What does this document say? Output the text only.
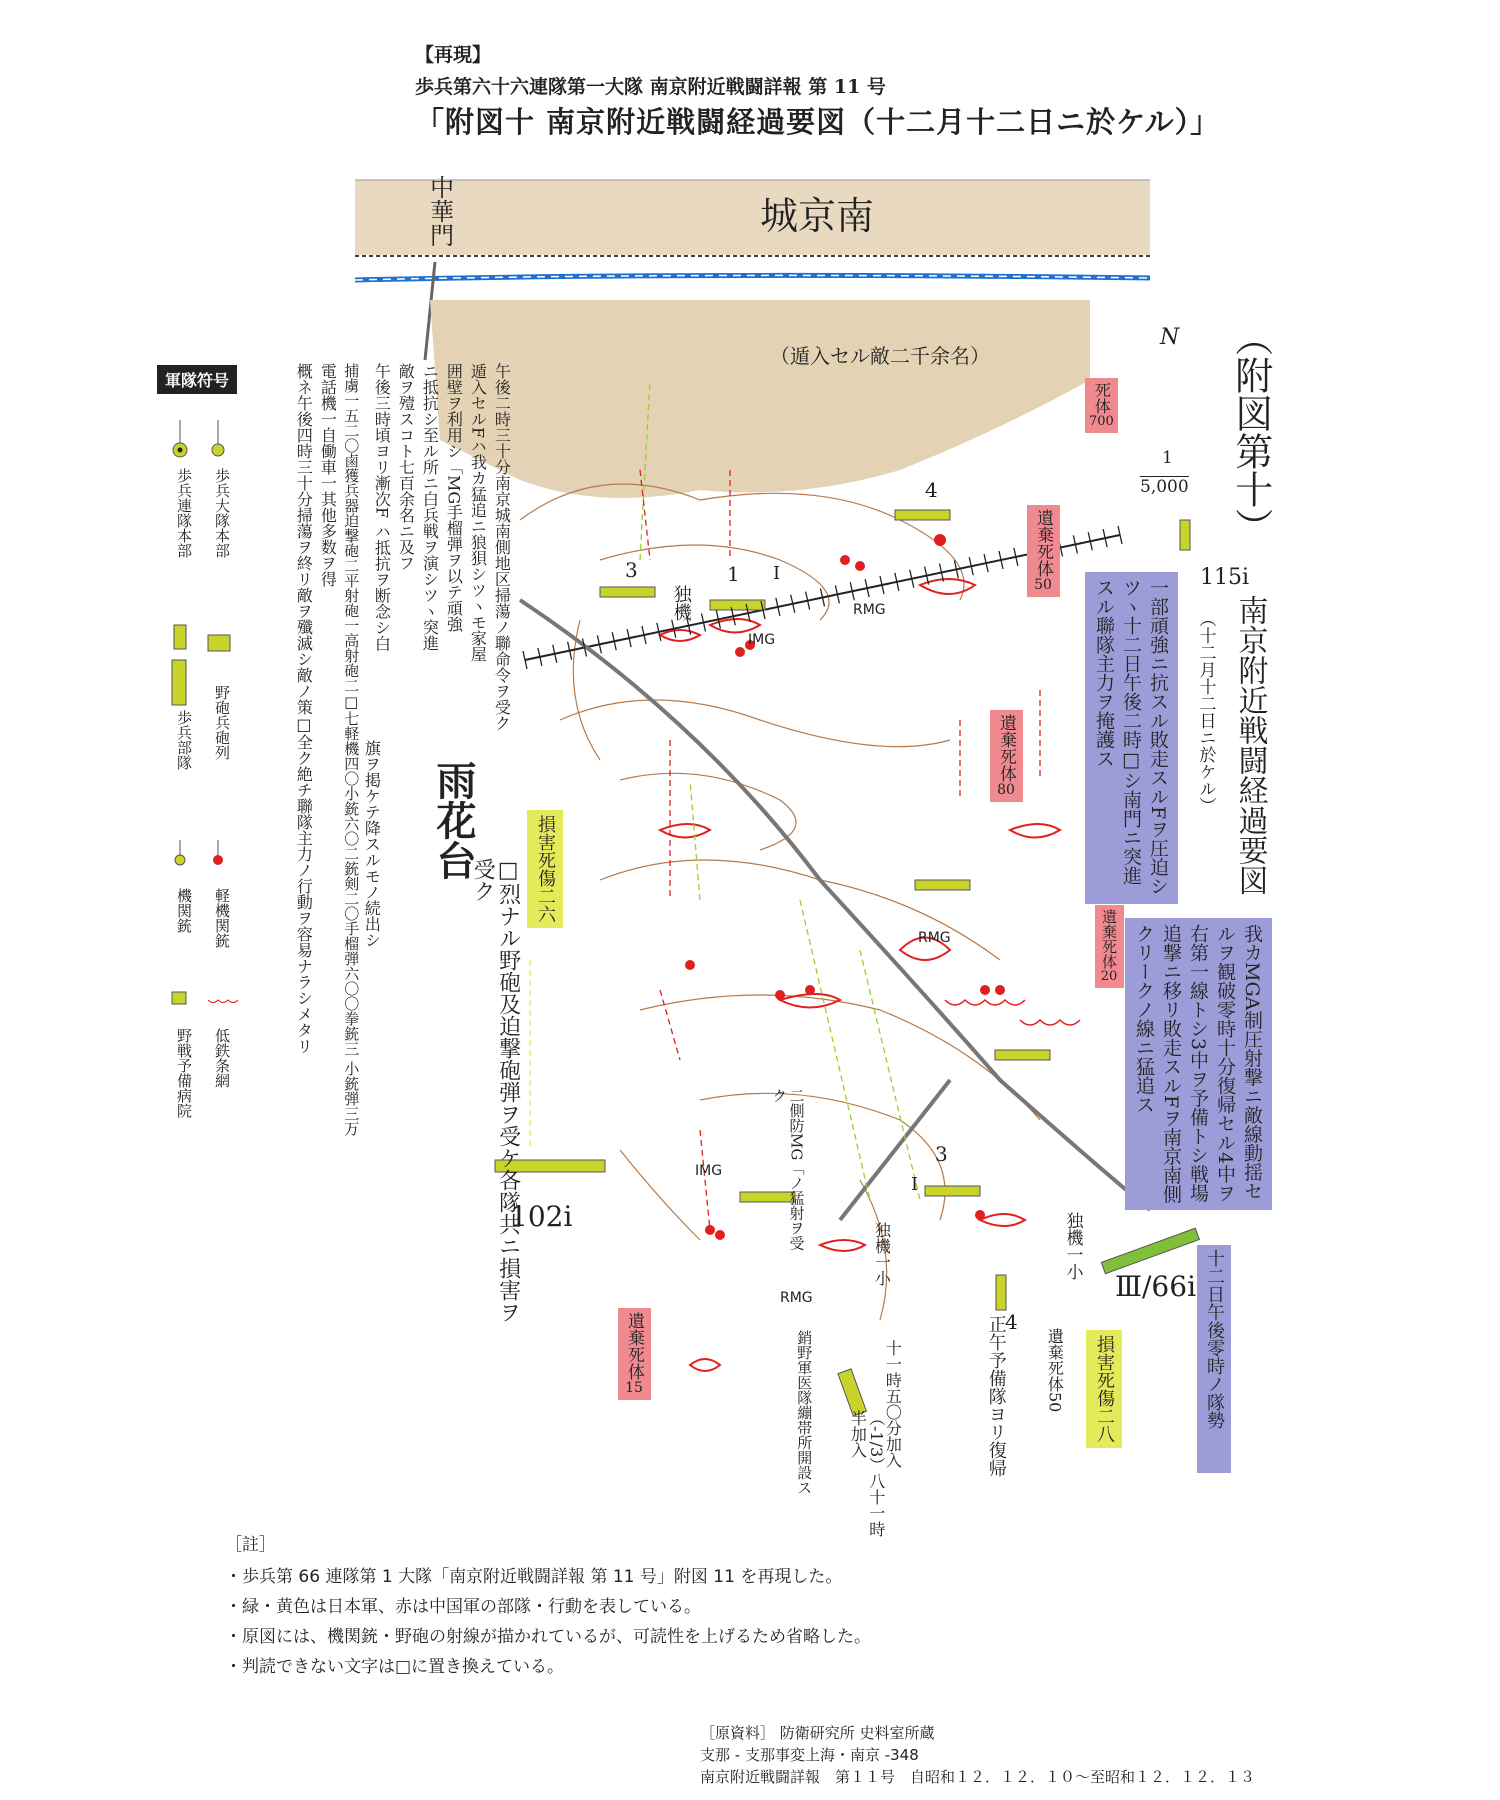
【再現】
歩兵第六十六連隊第一大隊 南京附近戦闘詳報 第 11 号
「附図十 南京附近戦闘経過要図（十二月十二日ニ於ケル）」
中華門	城京南
（遁入セル敵二千余名）
N
1
5,000 （附図第十）
南京附近戦闘経過要図
（十二月十二日ニ於ケル）
雨花台
死体700
遺棄死体50
遺棄死体80
遺棄死体20
遺棄死体15
損害死傷二六
損害死傷二八
一部頑強ニ抗スル敗走スルFヲ圧迫シツヽ十二日午後二時□シ南門ニ突進スル聯隊主力ヲ掩護ス
我カMGA制圧射撃ニ敵線動揺セルヲ観破零時十分復帰セル4中ヲ右第一線トシ3中ヲ予備トシ戦場追撃ニ移リ敗走スルFヲ南京南側クリークノ線ニ猛追ス
十二日午後零時ノ隊勢
115i
102i
Ⅲ/66i
3	1
4
3
4
Ⅰ
Ⅰ
独機
IMG
RMG
RMG
IMG
RMG
独機一小	独機一小
午後二時三十分南京城南側地区掃蕩ノ聯命令ヲ受ク
遁入セルFハ我カ猛追ニ狼狽シツヽモ家屋
囲壁ヲ利用シ「MG手榴弾ヲ以テ頑強
ニ抵抗シ至ル所ニ白兵戦ヲ演シツヽ突進
敵ヲ殪スコト七百余名ニ及フ
午後三時頃ヨリ漸次F ハ抵抗ヲ断念シ白
旗ヲ掲ケテ降スルモノ続出シ
捕虜一五二〇鹵獲兵器迫撃砲二平射砲一高射砲二□七軽機四〇小銃六〇二銃剣二〇手榴弾六〇〇拳銃三 小銃弾三万
電話機一自働車一其他多数ヲ得
概ネ午後四時三十分掃蕩ヲ終リ敵ヲ殲滅シ敵ノ策□全ク絶チ聯隊主力ノ行動ヲ容易ナラシメタリ
□烈ナル野砲及迫撃砲弾ヲ受ケ各隊共ニ損害ヲ受ク
二側防MG「ノ猛射ヲ受ク
銷野軍医隊繃帯所開設ス	十一時五〇分加入
（-1/3）八十一時半加入	正午予備隊ヨリ復帰 遺棄死体50
軍隊符号
歩兵大隊本部
歩兵連隊本部
野砲兵砲列
歩兵部隊
軽機関銃
機関銃
低鉄条網
野戦予備病院
［註］
・歩兵第 66 連隊第 1 大隊「南京附近戦闘詳報 第 11 号」附図 11 を再現した。
・緑・黄色は日本軍、赤は中国軍の部隊・行動を表している。
・原図には、機関銃・野砲の射線が描かれているが、可読性を上げるため省略した。
・判読できない文字は□に置き換えている。
［原資料］ 防衛研究所 史料室所蔵
支那 - 支那事変上海・南京 -348
南京附近戦闘詳報　第１１号　自昭和１２．１２．１０〜至昭和１２．１２．１３
